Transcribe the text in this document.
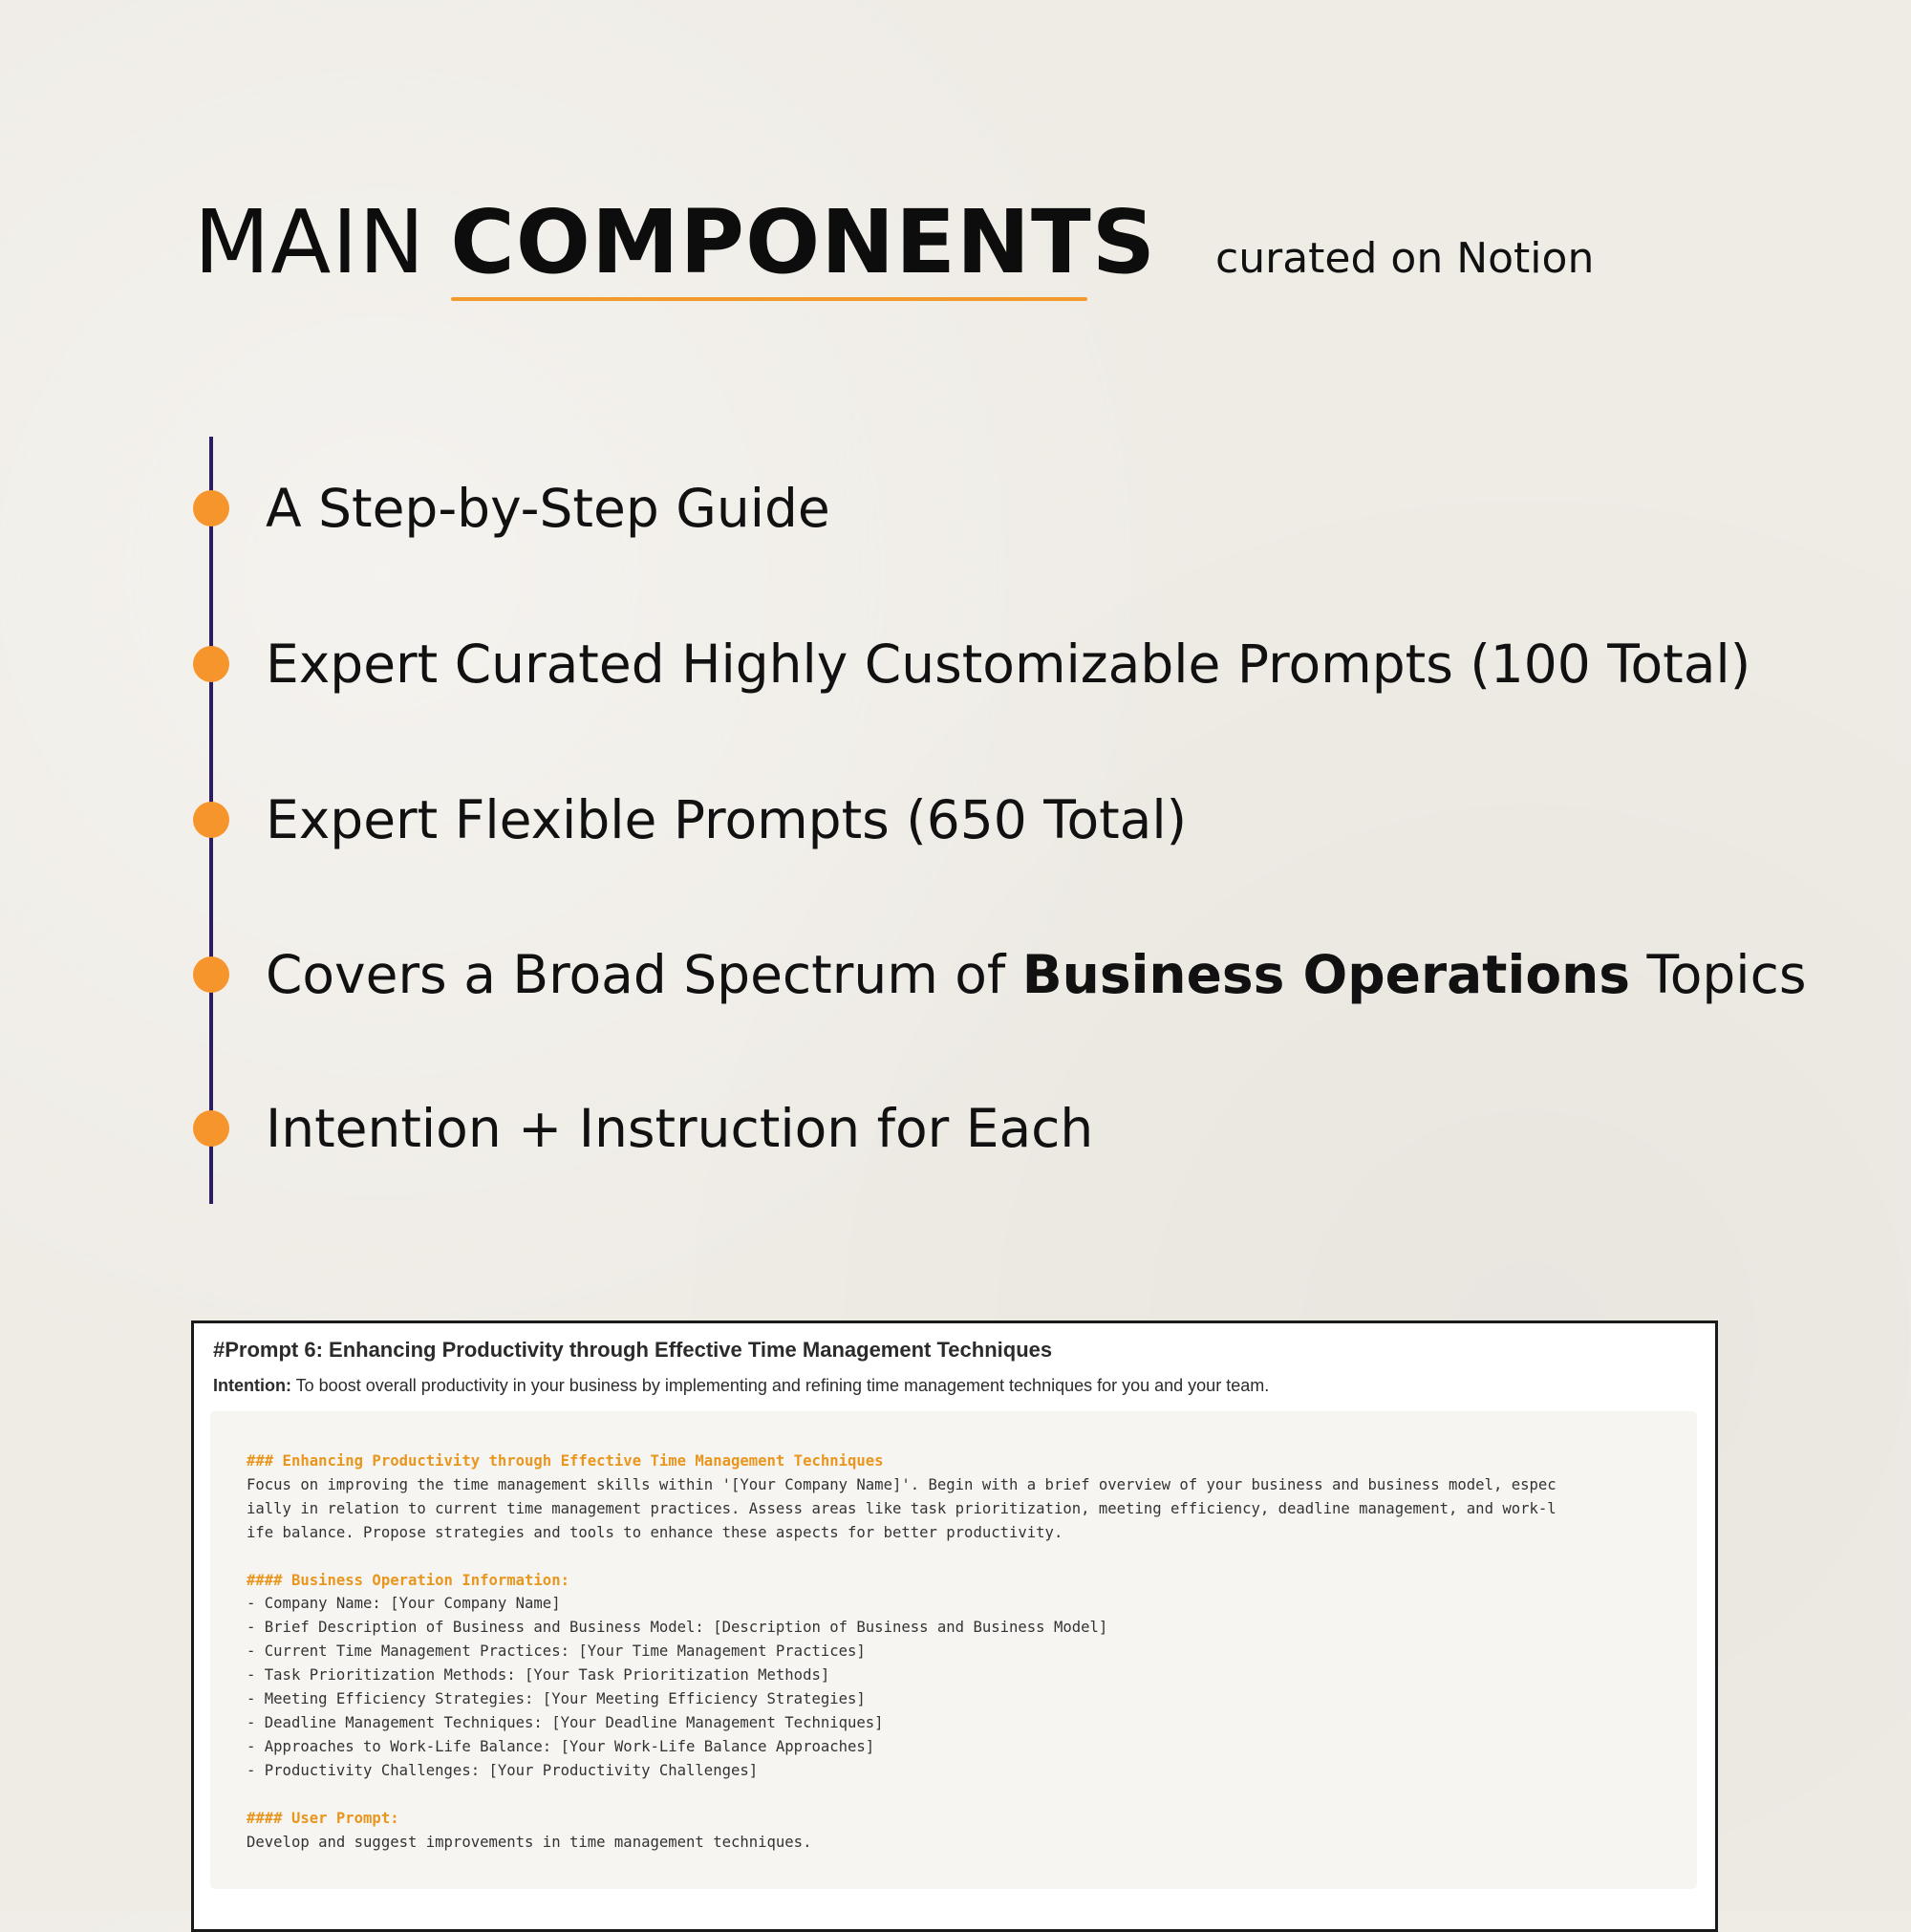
MAIN COMPONENTS curated on Notion
A Step-by-Step Guide
Expert Curated Highly Customizable Prompts (100 Total)
Expert Flexible Prompts (650 Total)
Covers a Broad Spectrum of Business Operations Topics
Intention + Instruction for Each
#Prompt 6: Enhancing Productivity through Effective Time Management Techniques
Intention: To boost overall productivity in your business by implementing and refining time management techniques for you and your team.
### Enhancing Productivity through Effective Time Management Techniques
Focus on improving the time management skills within '[Your Company Name]'. Begin with a brief overview of your business and business model, espec
ially in relation to current time management practices. Assess areas like task prioritization, meeting efficiency, deadline management, and work-l
ife balance. Propose strategies and tools to enhance these aspects for better productivity.

#### Business Operation Information:
- Company Name: [Your Company Name]
- Brief Description of Business and Business Model: [Description of Business and Business Model]
- Current Time Management Practices: [Your Time Management Practices]
- Task Prioritization Methods: [Your Task Prioritization Methods]
- Meeting Efficiency Strategies: [Your Meeting Efficiency Strategies]
- Deadline Management Techniques: [Your Deadline Management Techniques]
- Approaches to Work-Life Balance: [Your Work-Life Balance Approaches]
- Productivity Challenges: [Your Productivity Challenges]

#### User Prompt:
Develop and suggest improvements in time management techniques.
